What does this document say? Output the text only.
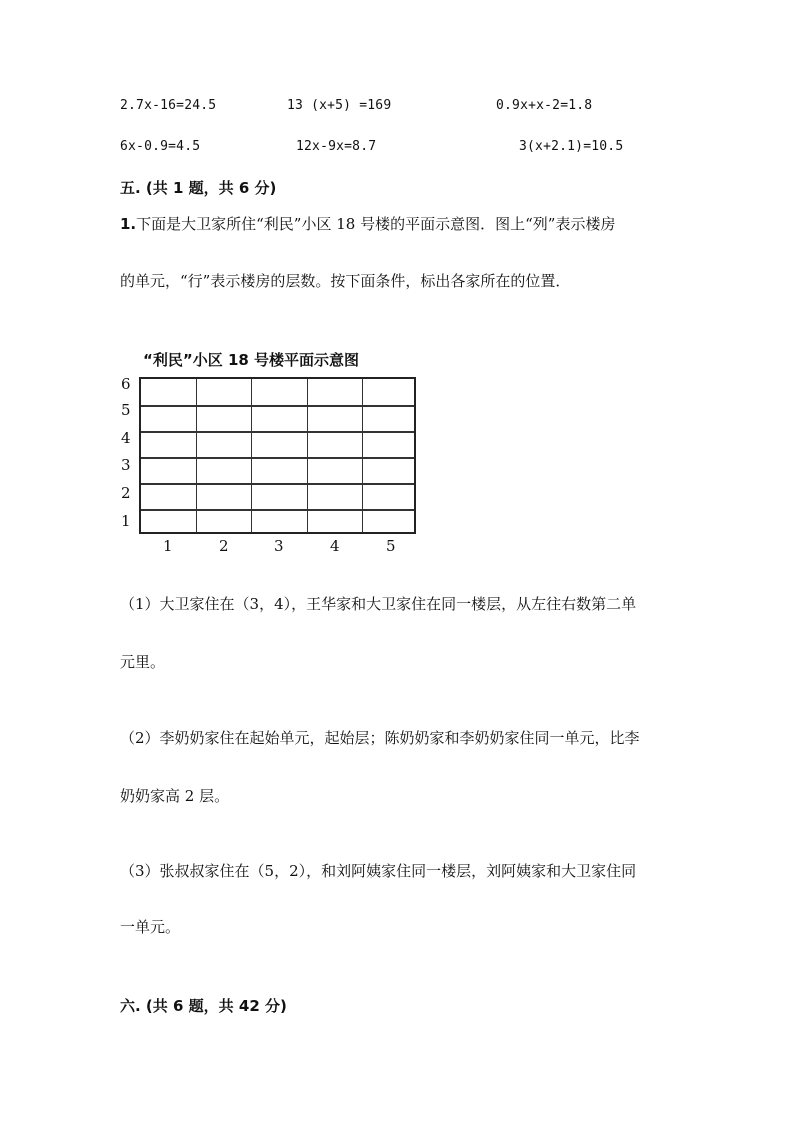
2.7x-16=24.5	13 (x+5) =169	0.9x+x-2=1.8
6x-0.9=4.5	12x-9x=8.7	3(x+2.1)=10.5
五. (共 1 题，共 6 分)
1.下面是大卫家所住“利民”小区 18 号楼的平面示意图．图上“列”表示楼房
的单元，“行”表示楼房的层数。按下面条件，标出各家所在的位置．
“利民”小区 18 号楼平面示意图
6
5
4
3
2
1
1	2	3	4	5
（1）大卫家住在（3，4），王华家和大卫家住在同一楼层，从左往右数第二单
元里。
（2）李奶奶家住在起始单元，起始层；陈奶奶家和李奶奶家住同一单元，比李
奶奶家高 2 层。
（3）张叔叔家住在（5，2），和刘阿姨家住同一楼层，刘阿姨家和大卫家住同
一单元。
六. (共 6 题，共 42 分)
